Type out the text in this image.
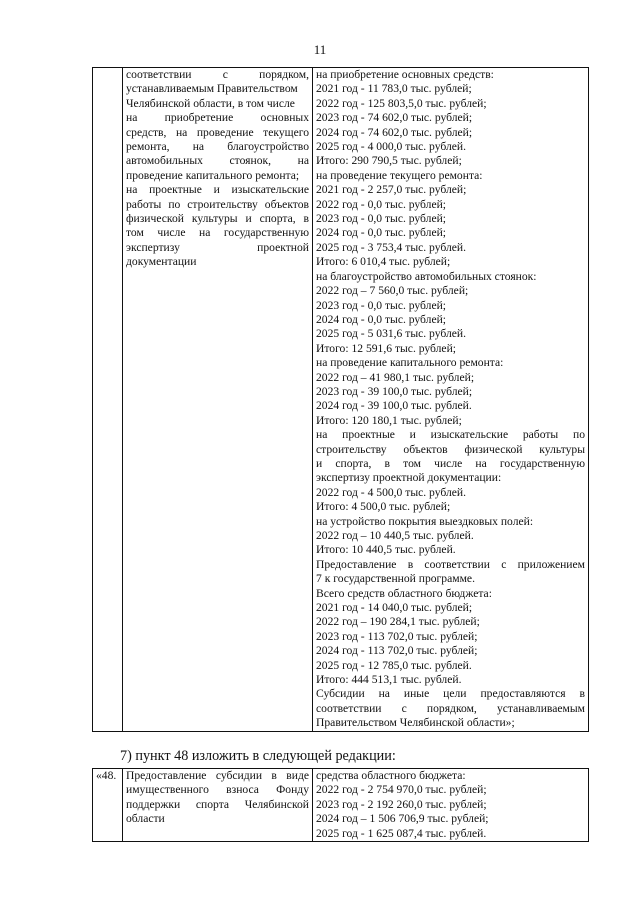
11

соответствии с порядком,
устанавливаемым Правительством
Челябинской области, в том числе
на приобретение основных
средств, на проведение текущего
ремонта, на благоустройство
автомобильных стоянок, на
проведение капитального ремонта;
на проектные и изыскательские
работы по строительству объектов
физической культуры и спорта, в
том числе на государственную
экспертизу проектной
документации

на приобретение основных средств:
2021 год - 11 783,0 тыс. рублей;
2022 год - 125 803,5,0 тыс. рублей;
2023 год - 74 602,0 тыс. рублей;
2024 год - 74 602,0 тыс. рублей;
2025 год - 4 000,0 тыс. рублей.
Итого: 290 790,5 тыс. рублей;
на проведение текущего ремонта:
2021 год - 2 257,0 тыс. рублей;
2022 год - 0,0 тыс. рублей;
2023 год - 0,0 тыс. рублей;
2024 год - 0,0 тыс. рублей;
2025 год - 3 753,4 тыс. рублей.
Итого: 6 010,4 тыс. рублей;
на благоустройство автомобильных стоянок:
2022 год – 7 560,0 тыс. рублей;
2023 год - 0,0 тыс. рублей;
2024 год - 0,0 тыс. рублей;
2025 год - 5 031,6 тыс. рублей.
Итого: 12 591,6 тыс. рублей;
на проведение капитального ремонта:
2022 год – 41 980,1 тыс. рублей;
2023 год - 39 100,0 тыс. рублей;
2024 год - 39 100,0 тыс. рублей.
Итого: 120 180,1 тыс. рублей;
на проектные и изыскательские работы по
строительству объектов физической культуры
и спорта, в том числе на государственную
экспертизу проектной документации:
2022 год - 4 500,0 тыс. рублей.
Итого: 4 500,0 тыс. рублей;
на устройство покрытия выездковых полей:
2022 год – 10 440,5 тыс. рублей.
Итого: 10 440,5 тыс. рублей.
Предоставление в соответствии с приложением
7 к государственной программе.
Всего средств областного бюджета:
2021 год - 14 040,0 тыс. рублей;
2022 год – 190 284,1 тыс. рублей;
2023 год - 113 702,0 тыс. рублей;
2024 год - 113 702,0 тыс. рублей;
2025 год - 12 785,0 тыс. рублей.
Итого: 444 513,1 тыс. рублей.
Субсидии на иные цели предоставляются в
соответствии с порядком, устанавливаемым
Правительством Челябинской области»;
7) пункт 48 изложить в следующей редакции:
«48.	Предоставление субсидии в виде
имущественного взноса Фонду
поддержки спорта Челябинской
области

средства областного бюджета:
2022 год - 2 754 970,0 тыс. рублей;
2023 год - 2 192 260,0 тыс. рублей;
2024 год – 1 506 706,9 тыс. рублей;
2025 год - 1 625 087,4 тыс. рублей.
